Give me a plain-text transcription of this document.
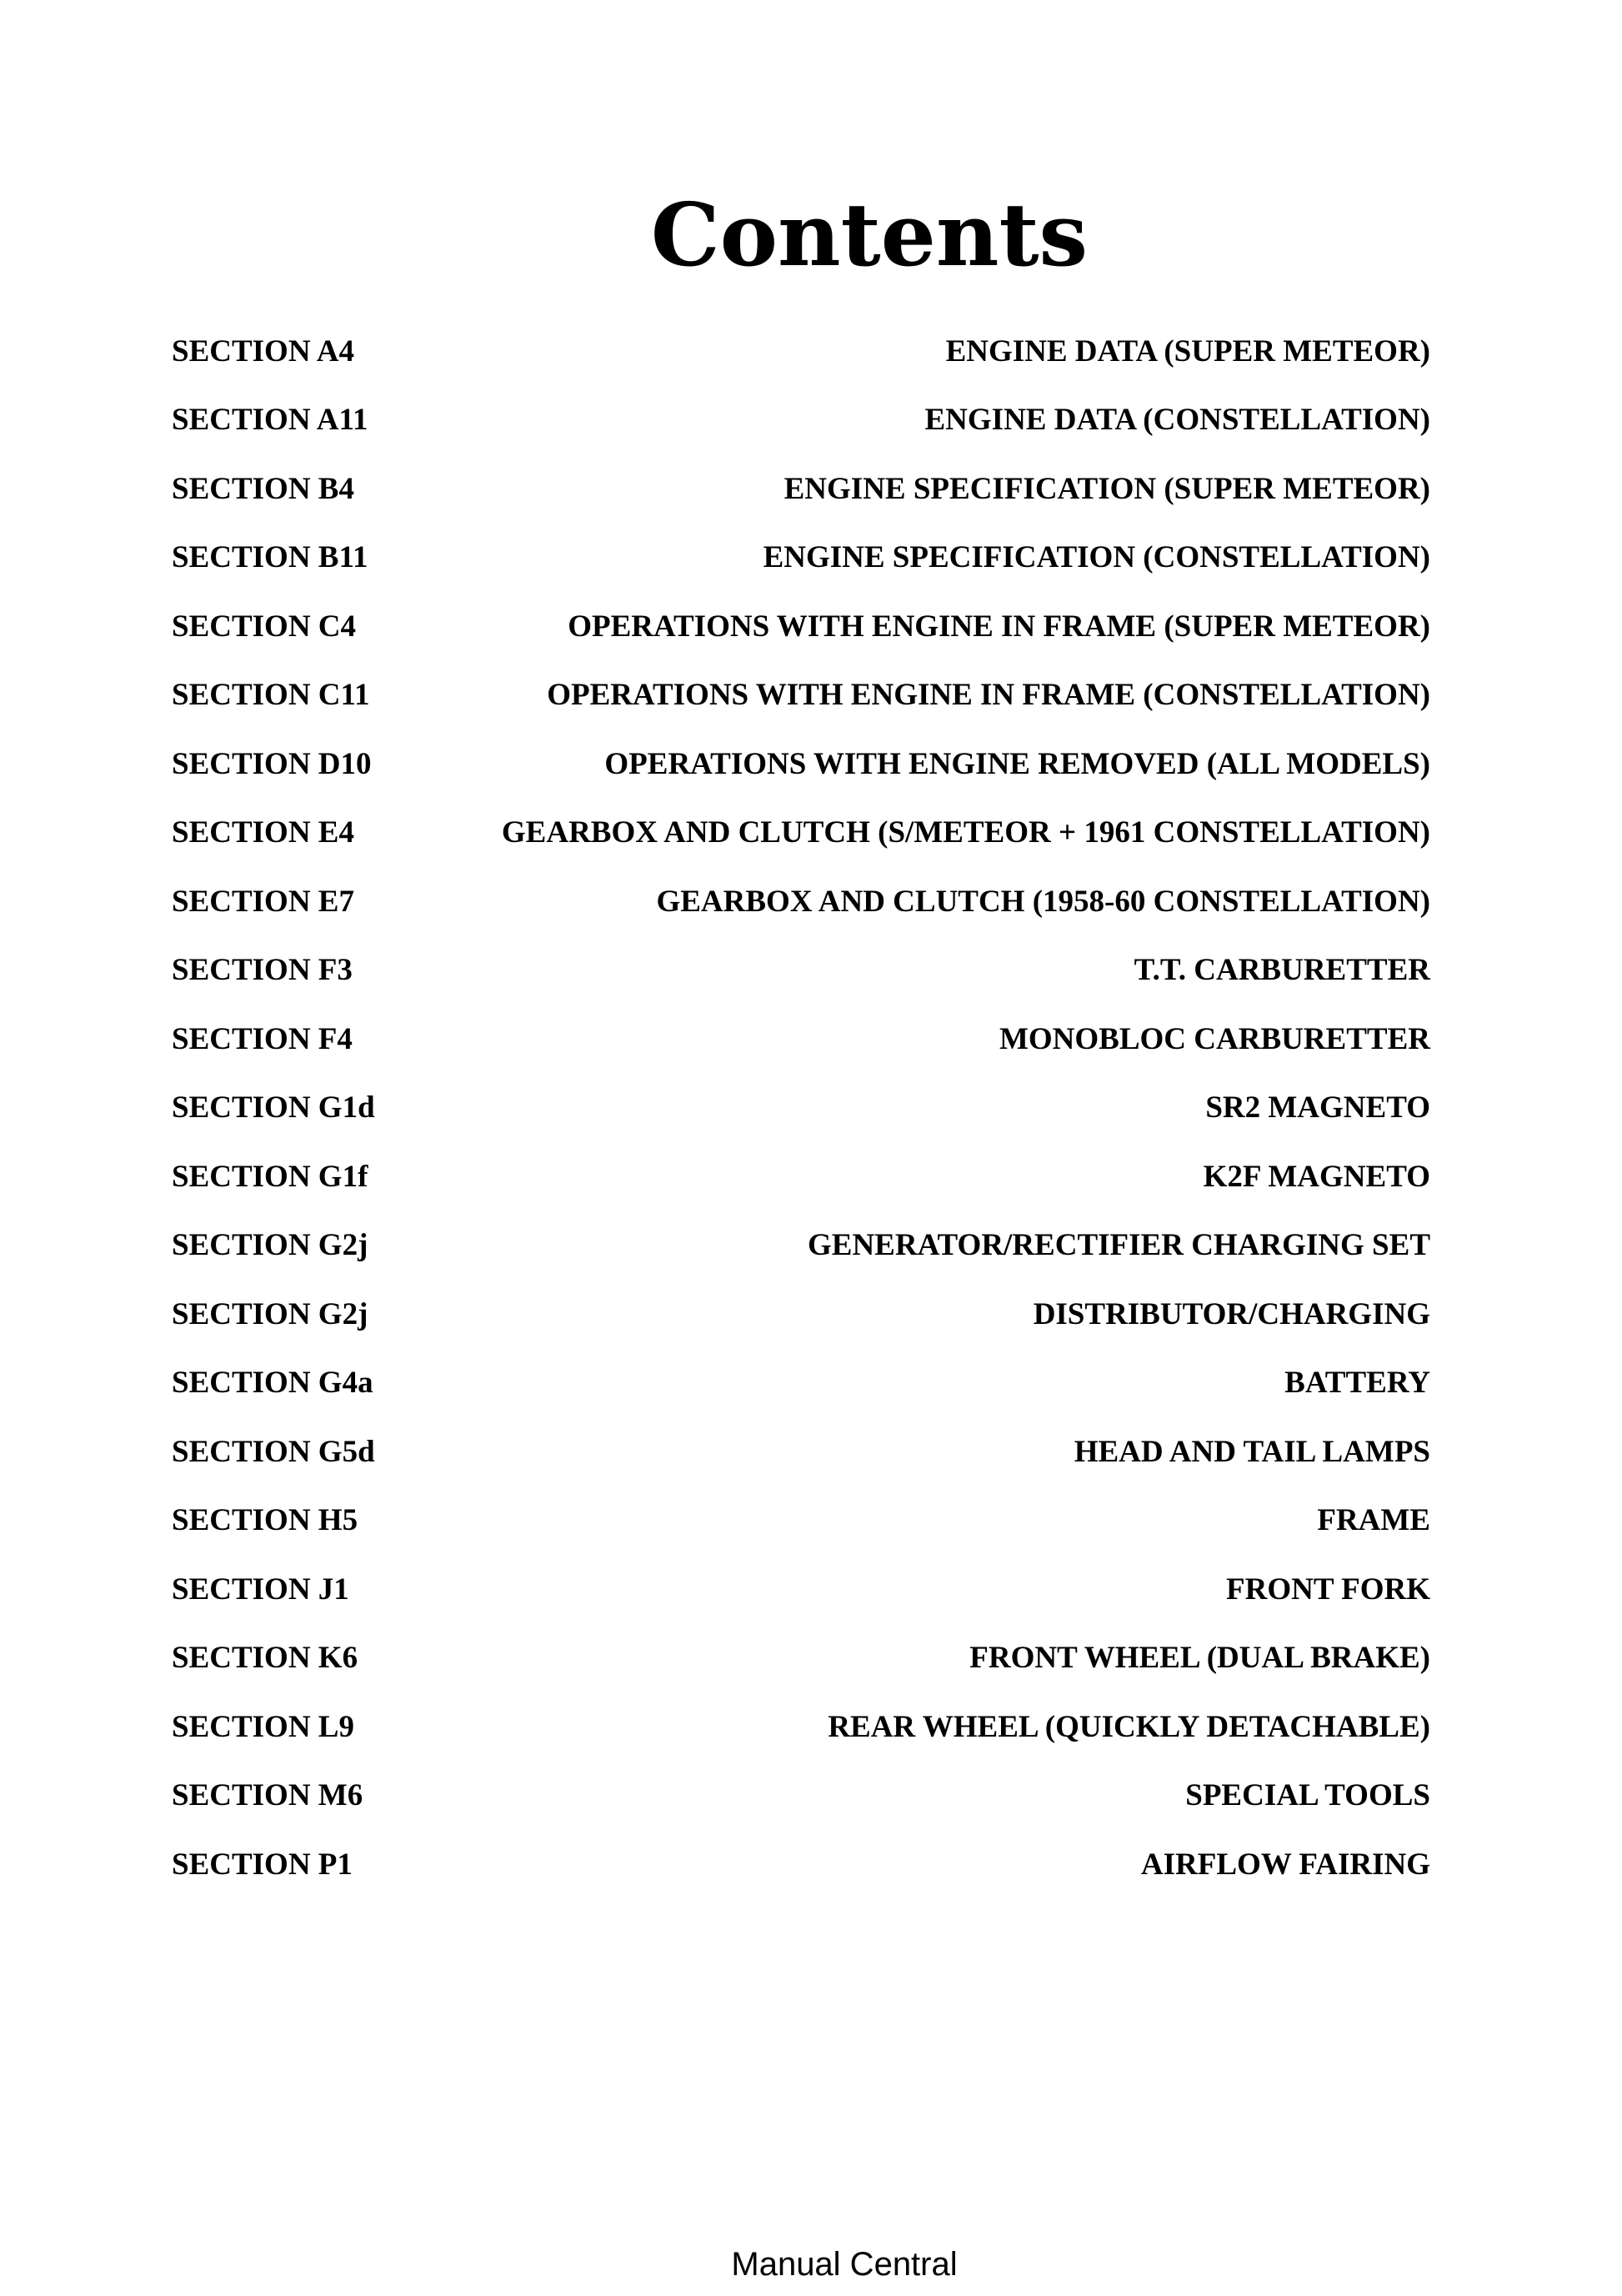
Contents
SECTION A4	ENGINE DATA (SUPER METEOR)
SECTION A11	ENGINE DATA (CONSTELLATION)
SECTION B4	ENGINE SPECIFICATION (SUPER METEOR)
SECTION B11	ENGINE SPECIFICATION (CONSTELLATION)
SECTION C4	OPERATIONS WITH ENGINE IN FRAME (SUPER METEOR)
SECTION C11	OPERATIONS WITH ENGINE IN FRAME (CONSTELLATION)
SECTION D10	OPERATIONS WITH ENGINE REMOVED (ALL MODELS)
SECTION E4	GEARBOX AND CLUTCH (S/METEOR + 1961 CONSTELLATION)
SECTION E7	GEARBOX AND CLUTCH (1958-60 CONSTELLATION)
SECTION F3	T.T. CARBURETTER
SECTION F4	MONOBLOC CARBURETTER
SECTION G1d	SR2 MAGNETO
SECTION G1f	K2F MAGNETO
SECTION G2j	GENERATOR/RECTIFIER CHARGING SET
SECTION G2j	DISTRIBUTOR/CHARGING
SECTION G4a	BATTERY
SECTION G5d	HEAD AND TAIL LAMPS
SECTION H5	FRAME
SECTION J1	FRONT FORK
SECTION K6	FRONT WHEEL (DUAL BRAKE)
SECTION L9	REAR WHEEL (QUICKLY DETACHABLE)
SECTION M6	SPECIAL TOOLS
SECTION P1	AIRFLOW FAIRING
Manual Central
